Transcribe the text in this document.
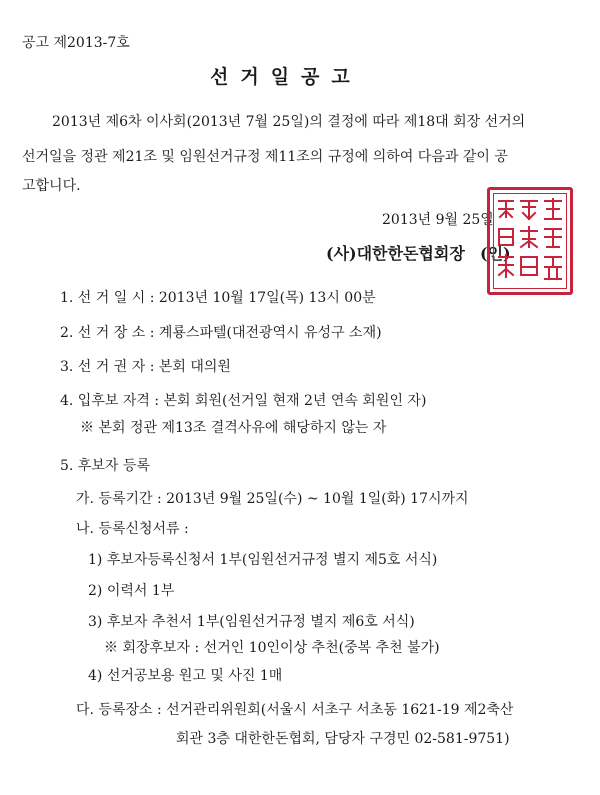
공고 제2013-7호
선거일공고
2013년 제6차 이사회(2013년 7월 25일)의 결정에 따라 제18대 회장 선거의
선거일을 정관 제21조 및 임원선거규정 제11조의 규정에 의하여 다음과 같이 공
고합니다.
2013년 9월 25일
(사)대한한돈협회장 (인)
1. 선 거 일 시 : 2013년 10월 17일(목) 13시 00분
2. 선 거 장 소 : 계룡스파텔(대전광역시 유성구 소재)
3. 선 거 권 자 : 본회 대의원
4. 입후보 자격 : 본회 회원(선거일 현재 2년 연속 회원인 자)
※ 본회 정관 제13조 결격사유에 해당하지 않는 자
5. 후보자 등록
가. 등록기간 : 2013년 9월 25일(수) ~ 10월 1일(화) 17시까지
나. 등록신청서류 :
1) 후보자등록신청서 1부(임원선거규정 별지 제5호 서식)
2) 이력서 1부
3) 후보자 추천서 1부(임원선거규정 별지 제6호 서식)
※ 회장후보자 : 선거인 10인이상 추천(중복 추천 불가)
4) 선거공보용 원고 및 사진 1매
다. 등록장소 : 선거관리위원회(서울시 서초구 서초동 1621-19 제2축산
회관 3층 대한한돈협회, 담당자 구경민 02-581-9751)
